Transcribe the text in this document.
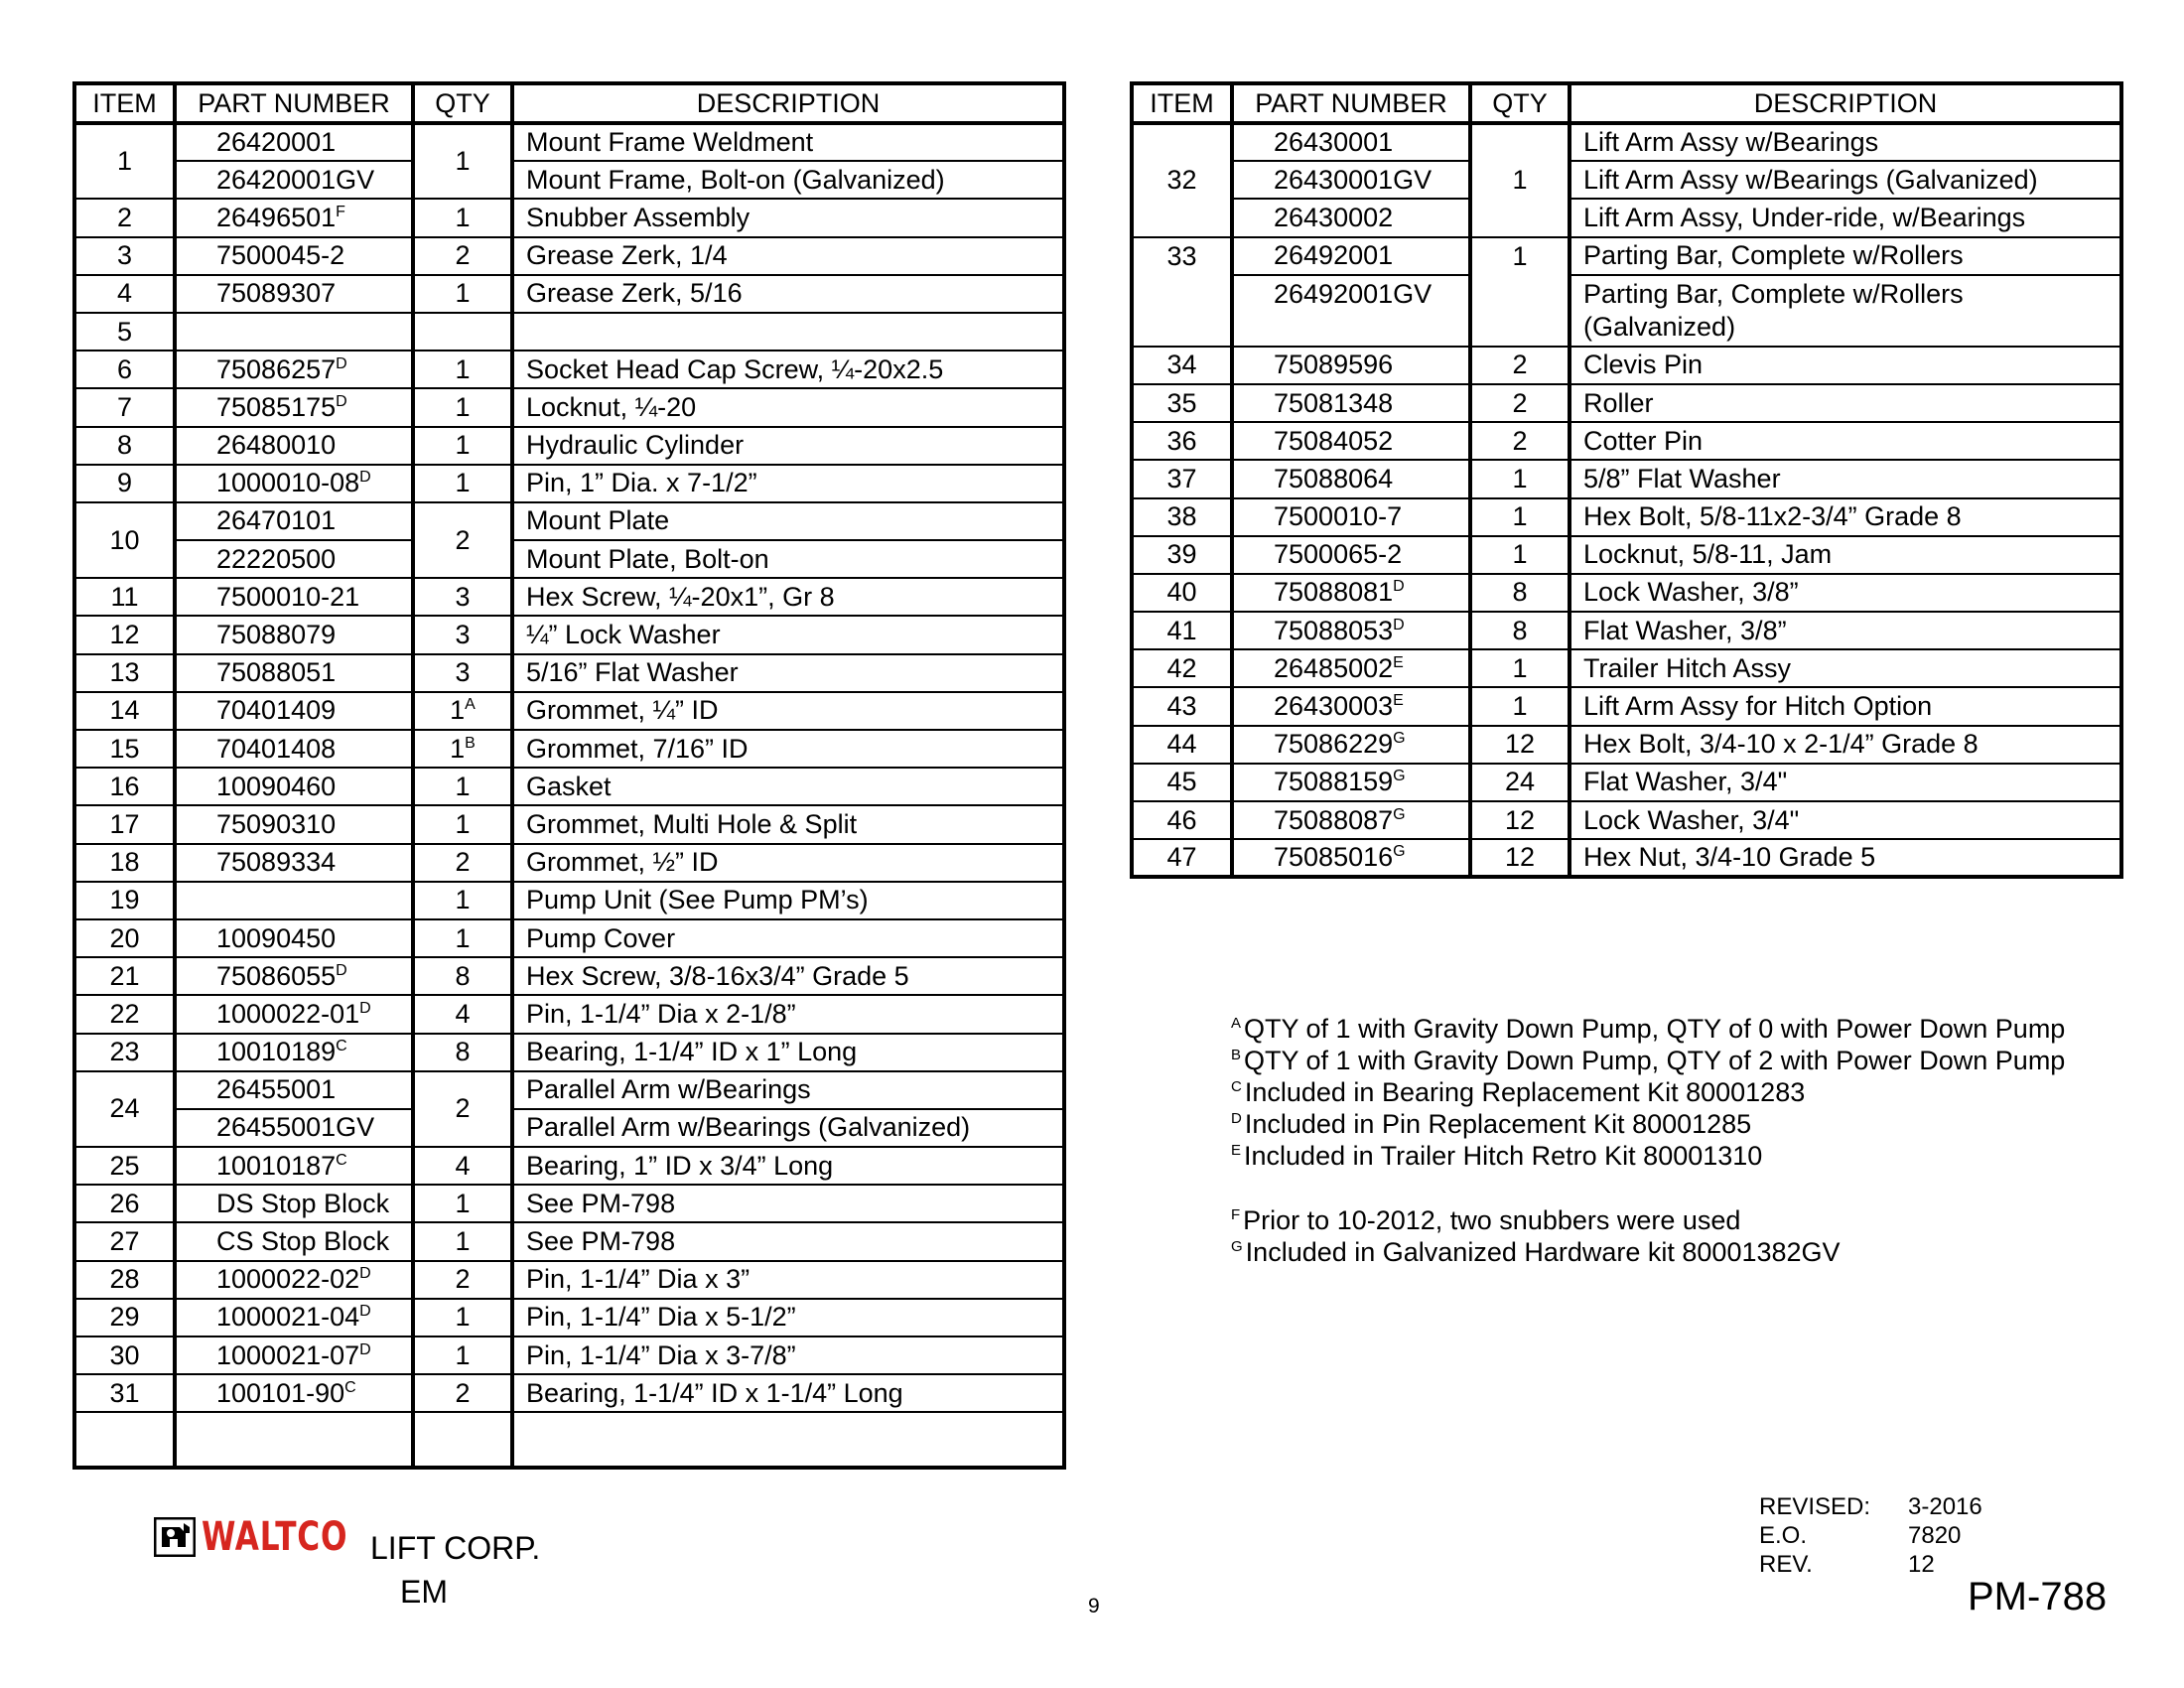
ITEM	PART NUMBER	QTY	DESCRIPTION
1	26420001	1	Mount Frame Weldment
	26420001GV		Mount Frame, Bolt-on (Galvanized)
2	$26496501^F$	1	Snubber Assembly
3	7500045-2	2	Grease Zerk, 1/4
4	75089307	1	Grease Zerk, 5/16
5			
6	$75086257^D$	1	Socket Head Cap Screw, ¼-20x2.5
7	$75085175^D$	1	Locknut, ¼-20
8	26480010	1	Hydraulic Cylinder
9	$1000010-08^D$	1	Pin, 1” Dia. x 7-1/2”
10	26470101	2	Mount Plate
	22220500		Mount Plate, Bolt-on
11	7500010-21	3	Hex Screw, ¼-20x1”, Gr 8
12	75088079	3	¼” Lock Washer
13	75088051	3	5/16” Flat Washer
14	70401409	$1^A$	Grommet, ¼” ID
15	70401408	$1^B$	Grommet, 7/16” ID
16	10090460	1	Gasket
17	75090310	1	Grommet, Multi Hole & Split
18	75089334	2	Grommet, ½” ID
19		1	Pump Unit (See Pump PM’s)
20	10090450	1	Pump Cover
21	$75086055^D$	8	Hex Screw, 3/8-16x3/4” Grade 5
22	$1000022-01^D$	4	Pin, 1-1/4” Dia x 2-1/8”
23	$10010189^C$	8	Bearing, 1-1/4” ID x 1” Long
24	26455001	2	Parallel Arm w/Bearings
	26455001GV		Parallel Arm w/Bearings (Galvanized)
25	$10010187^C$	4	Bearing, 1” ID x 3/4” Long
26	DS Stop Block	1	See PM-798
27	CS Stop Block	1	See PM-798
28	$1000022-02^D$	2	Pin, 1-1/4” Dia x 3”
29	$1000021-04^D$	1	Pin, 1-1/4” Dia x 5-1/2”
30	$1000021-07^D$	1	Pin, 1-1/4” Dia x 3-7/8”
31	$100101-90^C$	2	Bearing, 1-1/4” ID x 1-1/4” Long

ITEM	PART NUMBER	QTY	DESCRIPTION
32	26430001	1	Lift Arm Assy w/Bearings
	26430001GV		Lift Arm Assy w/Bearings (Galvanized)
	26430002		Lift Arm Assy, Under-ride, w/Bearings
33	26492001	1	Parting Bar, Complete w/Rollers
	26492001GV		Parting Bar, Complete w/Rollers (Galvanized)
34	75089596	2	Clevis Pin
35	75081348	2	Roller
36	75084052	2	Cotter Pin
37	75088064	1	5/8” Flat Washer
38	7500010-7	1	Hex Bolt, 5/8-11x2-3/4” Grade 8
39	7500065-2	1	Locknut, 5/8-11, Jam
40	$75088081^D$	8	Lock Washer, 3/8”
41	$75088053^D$	8	Flat Washer, 3/8”
42	$26485002^E$	1	Trailer Hitch Assy
43	$26430003^E$	1	Lift Arm Assy for Hitch Option
44	$75086229^G$	12	Hex Bolt, 3/4-10 x 2-1/4” Grade 8
45	$75088159^G$	24	Flat Washer, 3/4"
46	$75088087^G$	12	Lock Washer, 3/4"
47	$75085016^G$	12	Hex Nut, 3/4-10 Grade 5
$^A$ QTY of 1 with Gravity Down Pump, QTY of 0 with Power Down Pump
$^B$ QTY of 1 with Gravity Down Pump, QTY of 2 with Power Down Pump
$^C$ Included in Bearing Replacement Kit 80001283
$^D$ Included in Pin Replacement Kit 80001285
$^E$ Included in Trailer Hitch Retro Kit 80001310
$^F$ Prior to 10-2012, two snubbers were used
$^G$ Included in Galvanized Hardware kit 80001382GV
WALTCO LIFT CORP.
EM	9
REVISED:	3-2016
E.O.	7820
REV.	12
PM-788
